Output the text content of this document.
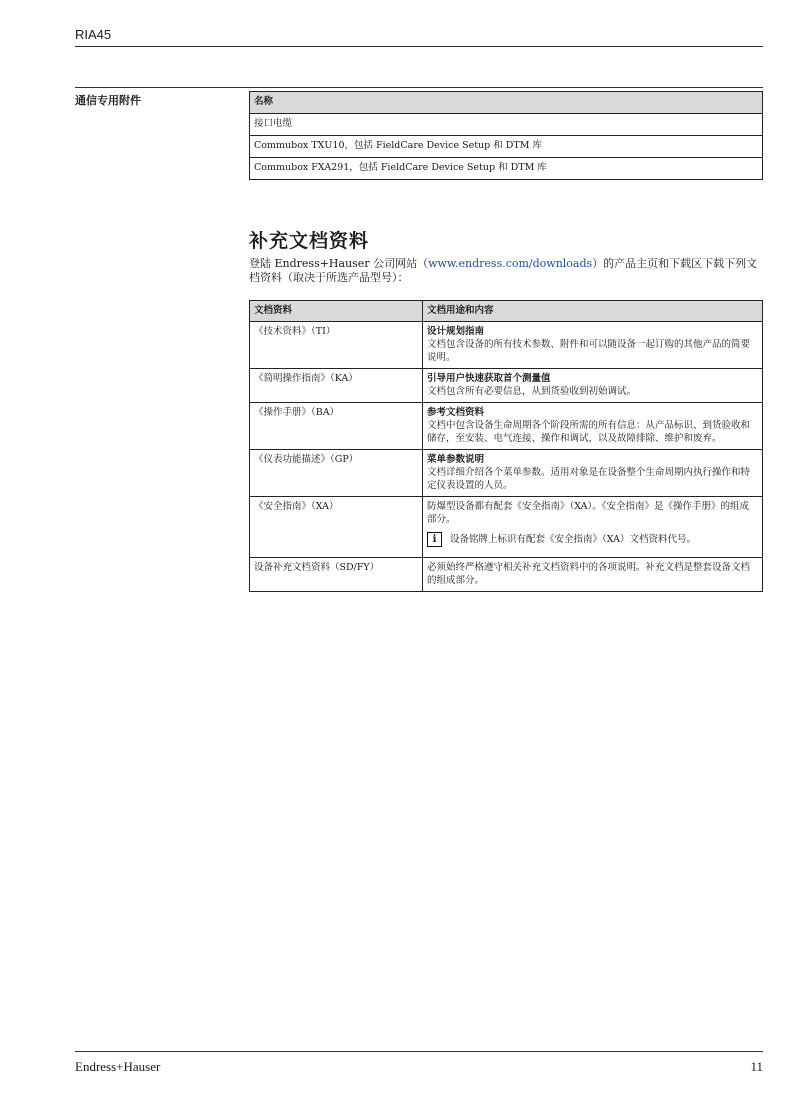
RIA45
通信专用附件	名称
接口电缆
Commubox TXU10，包括 FieldCare Device Setup 和 DTM 库
Commubox FXA291，包括 FieldCare Device Setup 和 DTM 库
补充文档资料
登陆 Endress+Hauser 公司网站（www.endress.com/downloads）的产品主页和下载区下载下列文档资料（取决于所选产品型号）：
文档资料	文档用途和内容
《技术资料》（TI）	设计规划指南
文档包含设备的所有技术参数、附件和可以随设备一起订购的其他产品的简要说明。
《简明操作指南》（KA）	引导用户快速获取首个测量值
文档包含所有必要信息，从到货验收到初始调试。
《操作手册》（BA）	参考文档资料
文档中包含设备生命周期各个阶段所需的所有信息：从产品标识、到货验收和储存，至安装、电气连接、操作和调试，以及故障排除、维护和废弃。
《仪表功能描述》（GP）	菜单参数说明
文档详细介绍各个菜单参数。适用对象是在设备整个生命周期内执行操作和特定仪表设置的人员。
《安全指南》（XA）	防爆型设备都有配套《安全指南》（XA）。《安全指南》是《操作手册》的组成部分。
i 设备铭牌上标识有配套《安全指南》（XA）文档资料代号。

设备补充文档资料（SD/FY）	必须始终严格遵守相关补充文档资料中的各项说明。补充文档是整套设备文档的组成部分。
Endress+Hauser	11
